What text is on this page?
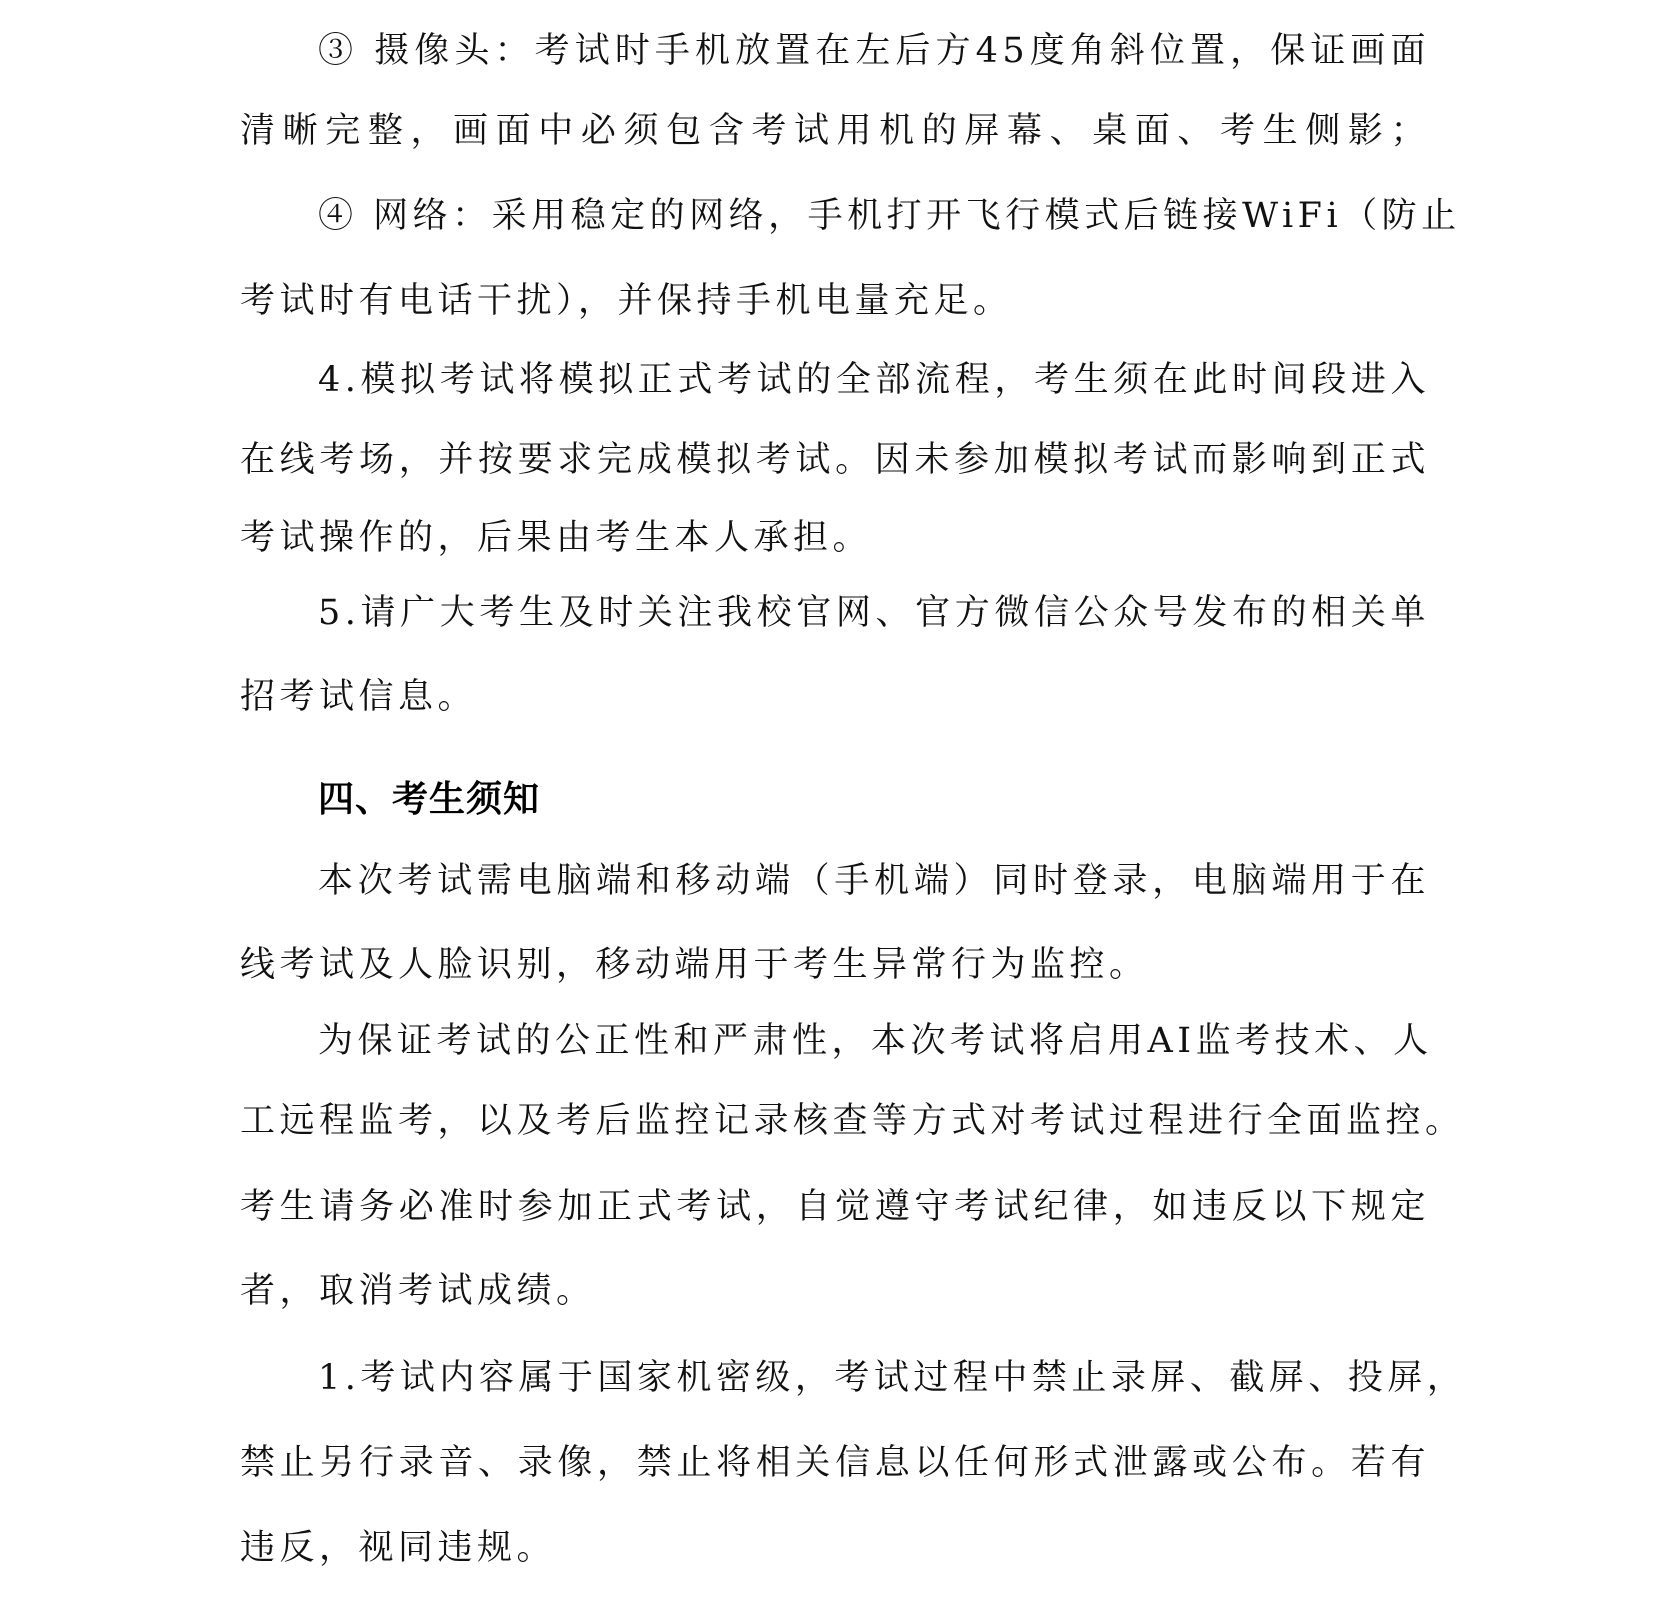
③ 摄像头：考试时手机放置在左后方45度角斜位置，保证画面
清晰完整，画面中必须包含考试用机的屏幕、桌面、考生侧影；
④ 网络：采用稳定的网络，手机打开飞行模式后链接WiFi（防止
考试时有电话干扰），并保持手机电量充足。
4.模拟考试将模拟正式考试的全部流程，考生须在此时间段进入
在线考场，并按要求完成模拟考试。因未参加模拟考试而影响到正式
考试操作的，后果由考生本人承担。
5.请广大考生及时关注我校官网、官方微信公众号发布的相关单
招考试信息。
四、考生须知
本次考试需电脑端和移动端（手机端）同时登录，电脑端用于在
线考试及人脸识别，移动端用于考生异常行为监控。
为保证考试的公正性和严肃性，本次考试将启用AI监考技术、人
工远程监考，以及考后监控记录核查等方式对考试过程进行全面监控。
考生请务必准时参加正式考试，自觉遵守考试纪律，如违反以下规定
者，取消考试成绩。
1.考试内容属于国家机密级，考试过程中禁止录屏、截屏、投屏，
禁止另行录音、录像，禁止将相关信息以任何形式泄露或公布。若有
违反，视同违规。
